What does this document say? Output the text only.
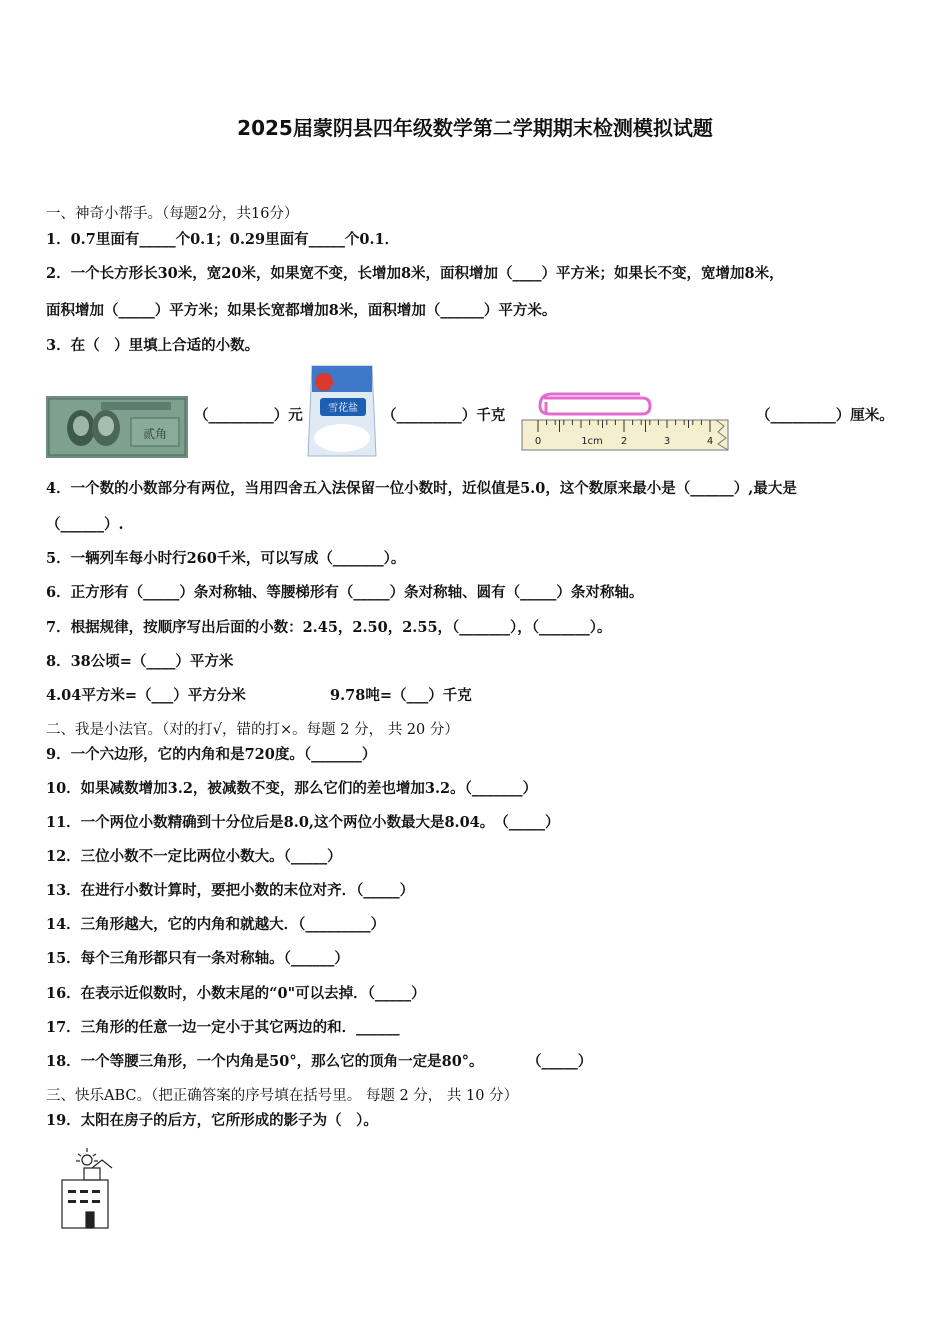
2025届蒙阴县四年级数学第二学期期末检测模拟试题
一、神奇小帮手。（每题2分，共16分）
1．0.7里面有_____个0.1；0.29里面有_____个0.1．
2．一个长方形长30米，宽20米，如果宽不变，长增加8米，面积增加（____）平方米；如果长不变，宽增加8米，
面积增加（_____）平方米；如果长宽都增加8米，面积增加（______）平方米。
3．在（　）里填上合适的小数。
贰角
（_________）元	雪花盐 （_________）千克
0	1cm 2	3	4
（_________）厘米。
4．一个数的小数部分有两位，当用四舍五入法保留一位小数时，近似值是5.0，这个数原来最小是（______）,最大是
（______）.
5．一辆列车每小时行260千米，可以写成（_______）。
6．正方形有（_____）条对称轴、等腰梯形有（_____）条对称轴、圆有（_____）条对称轴。
7．根据规律，按顺序写出后面的小数：2.45，2.50，2.55，（_______），（_______）。
8．38公顷=（____）平方米
4.04平方米=（___）平方分米	9.78吨=（___）千克
二、我是小法官。（对的打√，错的打×。每题 2 分， 共 20 分）
9．一个六边形，它的内角和是720度。（_______）
10．如果减数增加3.2，被减数不变，那么它们的差也增加3.2。（_______）
11．一个两位小数精确到十分位后是8.0,这个两位小数最大是8.04。　（_____）
12．三位小数不一定比两位小数大。（_____）
13．在进行小数计算时，要把小数的末位对齐．（_____）
14．三角形越大，它的内角和就越大．（_________）
15．每个三角形都只有一条对称轴。（______）
16．在表示近似数时，小数末尾的“0"可以去掉．（_____）
17．三角形的任意一边一定小于其它两边的和．______
18．一个等腰三角形，一个内角是50°，那么它的顶角一定是80°。　　　　（_____）
三、快乐ABC。（把正确答案的序号填在括号里。 每题 2 分， 共 10 分）
19．太阳在房子的后方，它所形成的影子为（　）。
